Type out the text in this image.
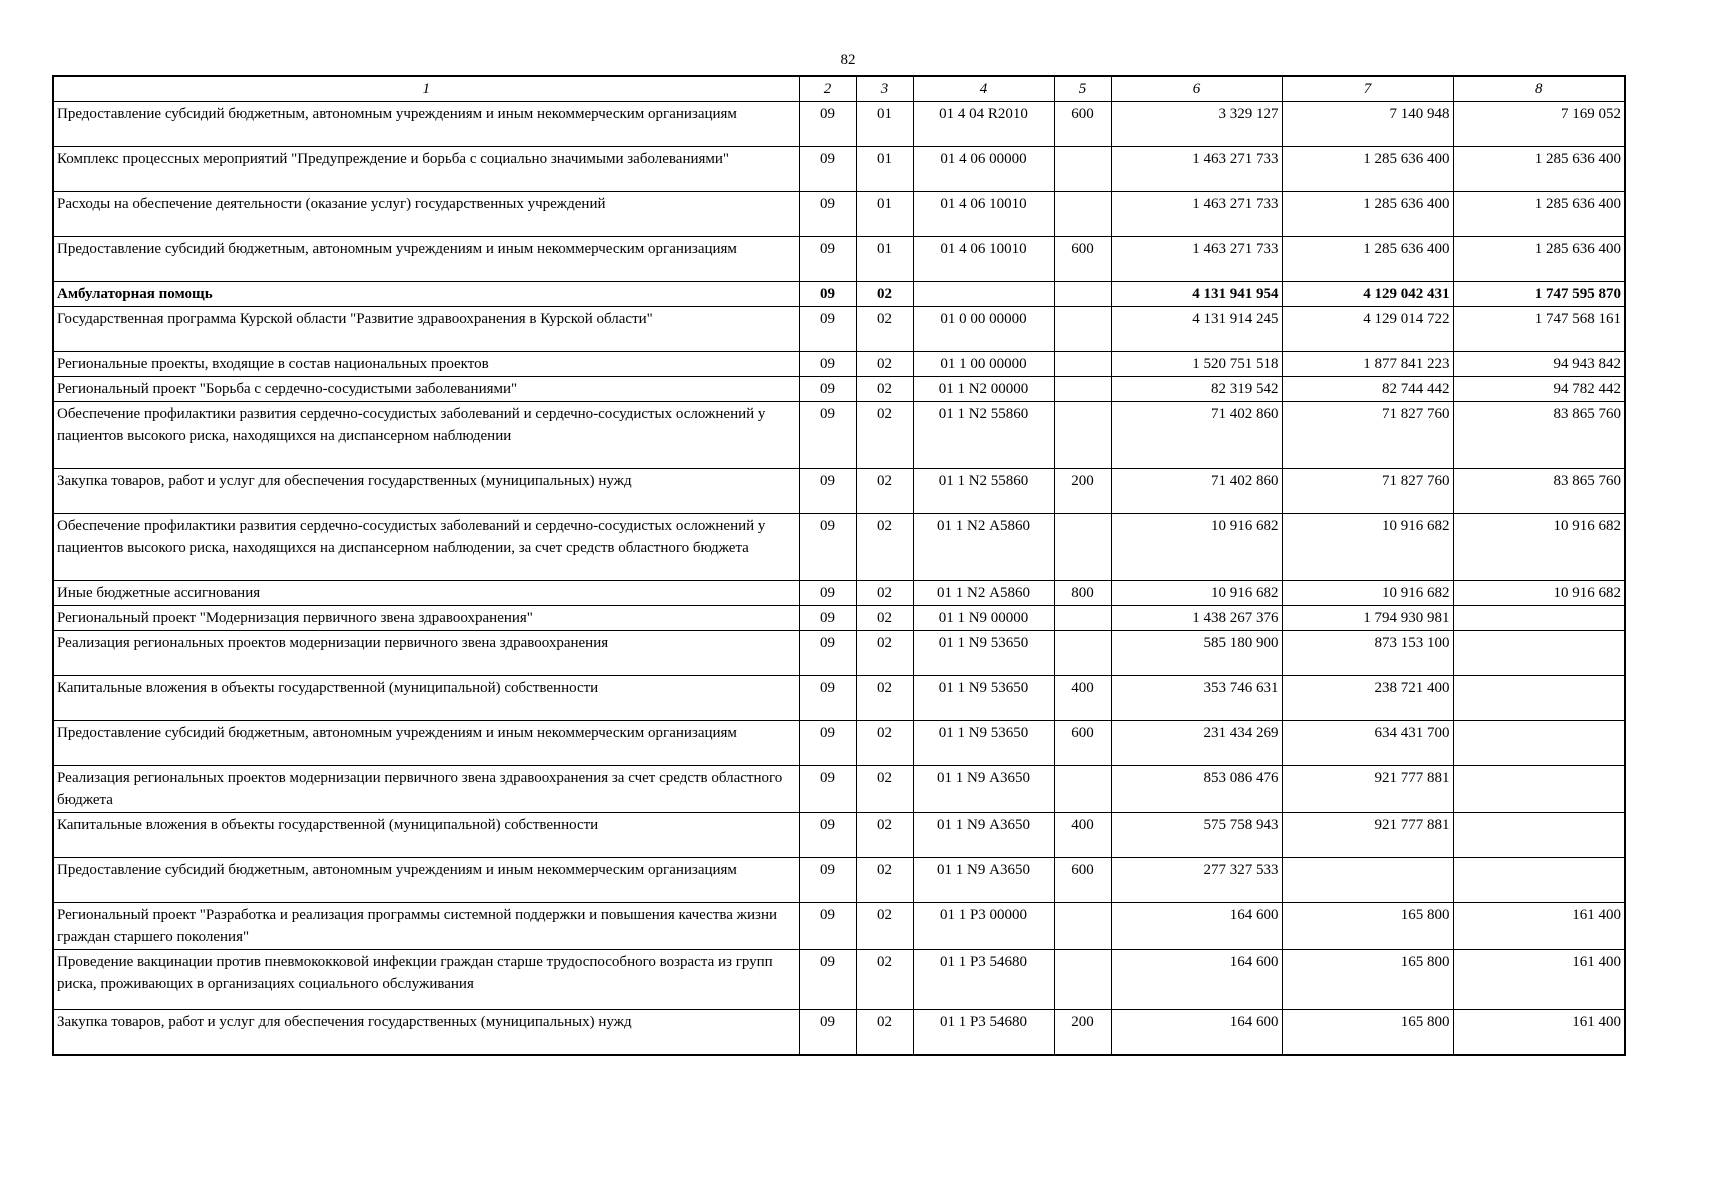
82
1	2	3	4	5	6	7	8
Предоставление субсидий бюджетным, автономным учреждениям и иным некоммерческим организациям	09	01	01 4 04 R2010	600	3 329 127	7 140 948	7 169 052
Комплекс процессных мероприятий "Предупреждение и борьба с социально значимыми заболеваниями"	09	01	01 4 06 00000		1 463 271 733	1 285 636 400	1 285 636 400
Расходы на обеспечение деятельности (оказание услуг) государственных учреждений	09	01	01 4 06 10010		1 463 271 733	1 285 636 400	1 285 636 400
Предоставление субсидий бюджетным, автономным учреждениям и иным некоммерческим организациям	09	01	01 4 06 10010	600	1 463 271 733	1 285 636 400	1 285 636 400
Амбулаторная помощь	09	02			4 131 941 954	4 129 042 431	1 747 595 870
Государственная программа Курской области "Развитие здравоохранения в Курской области"	09	02	01 0 00 00000		4 131 914 245	4 129 014 722	1 747 568 161
Региональные проекты, входящие в состав национальных проектов	09	02	01 1 00 00000		1 520 751 518	1 877 841 223	94 943 842
Региональный проект "Борьба с сердечно-сосудистыми заболеваниями"	09	02	01 1 N2 00000		82 319 542	82 744 442	94 782 442
Обеспечение профилактики развития сердечно-сосудистых заболеваний и сердечно-сосудистых осложнений у пациентов высокого риска, находящихся на диспансерном наблюдении	09	02	01 1 N2 55860		71 402 860	71 827 760	83 865 760
Закупка товаров, работ и услуг для обеспечения государственных (муниципальных) нужд	09	02	01 1 N2 55860	200	71 402 860	71 827 760	83 865 760
Обеспечение профилактики развития сердечно-сосудистых заболеваний и сердечно-сосудистых осложнений у пациентов высокого риска, находящихся на диспансерном наблюдении, за счет средств областного бюджета	09	02	01 1 N2 А5860		10 916 682	10 916 682	10 916 682
Иные бюджетные ассигнования	09	02	01 1 N2 А5860	800	10 916 682	10 916 682	10 916 682
Региональный проект "Модернизация первичного звена здравоохранения"	09	02	01 1 N9 00000		1 438 267 376	1 794 930 981	
Реализация региональных проектов модернизации первичного звена здравоохранения	09	02	01 1 N9 53650		585 180 900	873 153 100	
Капитальные вложения в объекты государственной (муниципальной) собственности	09	02	01 1 N9 53650	400	353 746 631	238 721 400	
Предоставление субсидий бюджетным, автономным учреждениям и иным некоммерческим организациям	09	02	01 1 N9 53650	600	231 434 269	634 431 700	
Реализация региональных проектов модернизации первичного звена здравоохранения за счет средств областного бюджета	09	02	01 1 N9 А3650		853 086 476	921 777 881	
Капитальные вложения в объекты государственной (муниципальной) собственности	09	02	01 1 N9 А3650	400	575 758 943	921 777 881	
Предоставление субсидий бюджетным, автономным учреждениям и иным некоммерческим организациям	09	02	01 1 N9 А3650	600	277 327 533		
Региональный проект "Разработка и реализация программы системной поддержки и повышения качества жизни граждан старшего поколения"	09	02	01 1 P3 00000		164 600	165 800	161 400
Проведение вакцинации против пневмококковой инфекции граждан старше трудоспособного возраста из групп риска, проживающих в организациях социального обслуживания	09	02	01 1 P3 54680		164 600	165 800	161 400
Закупка товаров, работ и услуг для обеспечения государственных (муниципальных) нужд	09	02	01 1 P3 54680	200	164 600	165 800	161 400
